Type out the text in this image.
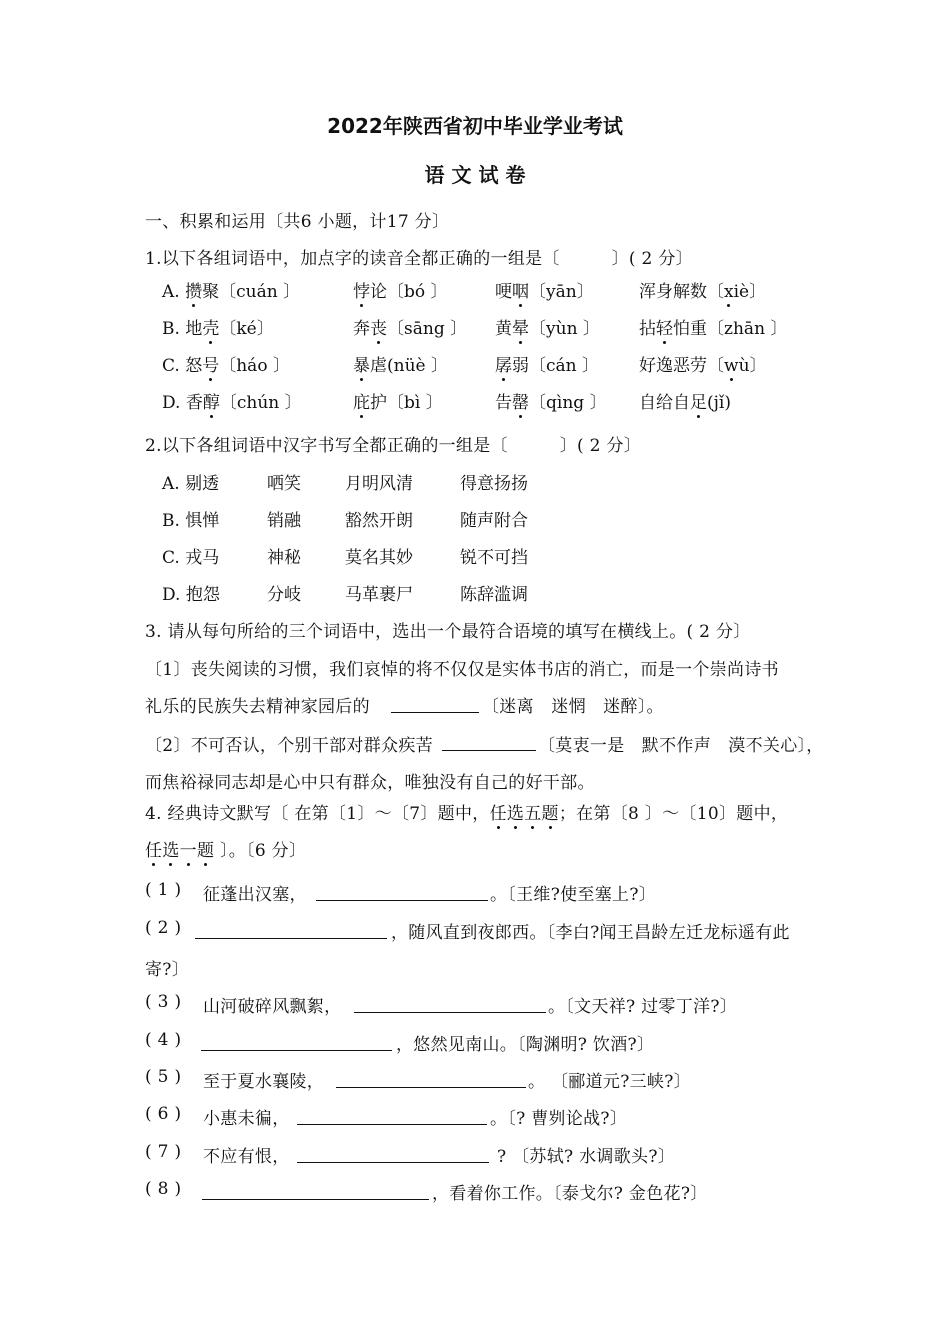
2022年陕西省初中毕业学业考试
语 文 试 卷
一、积累和运用〔共6 小题，计17 分〕
1.以下各组词语中，加点字的读音全都正确的一组是〔　　　〕( 2 分〕
A. 攒聚〔cuán 〕	悖论〔bó 〕	哽咽〔yān〕	浑身解数〔xiè〕
B. 地壳〔ké〕	奔丧〔sāng 〕 黄晕〔yùn 〕 拈轻怕重〔zhān 〕
C. 怒号〔háo 〕	暴虐(nüè 〕	孱弱〔cán 〕 好逸恶劳〔wù〕
D. 香醇〔chún 〕	庇护〔bì 〕	告罄〔qìng 〕 自给自足(jǐ)
2.以下各组词语中汉字书写全都正确的一组是〔　　　〕( 2 分〕
A. 剔透	哂笑	月明风清	得意扬扬
B. 惧惮	销融	豁然开朗	随声附合
C. 戎马	神秘	莫名其妙	锐不可挡
D. 抱怨	分岐	马革裹尸	陈辞滥调
3. 请从每句所给的三个词语中，选出一个最符合语境的填写在横线上。( 2 分〕
〔1〕丧失阅读的习惯，我们哀悼的将不仅仅是实体书店的消亡，而是一个崇尚诗书
礼乐的民族失去精神家园后的	〔迷离　迷惘　迷醉〕。
〔2〕不可否认，个别干部对群众疾苦	〔莫衷一是　默不作声　漠不关心〕，
而焦裕禄同志却是心中只有群众，唯独没有自己的好干部。
4. 经典诗文默写〔 在第〔1〕～〔7〕题中，任选五题；在第〔8 〕～〔10〕题中，
任选一题 〕。〔6 分〕
( 1 ) 征蓬出汉塞，	。〔王维?使至塞上?〕
( 2 )	，随风直到夜郎西。〔李白?闻王昌龄左迁龙标遥有此
寄?〕
( 3 ) 山河破碎风飘絮，	。〔文天祥? 过零丁洋?〕
( 4 )	，悠然见南山。〔陶渊明? 饮酒?〕
( 5 ) 至于夏水襄陵，	。 〔郦道元?三峡?〕
( 6 ) 小惠未徧，	。〔? 曹刿论战?〕
( 7 ) 不应有恨，	? 〔苏轼? 水调歌头?〕
( 8 )	，看着你工作。〔泰戈尔? 金色花?〕
